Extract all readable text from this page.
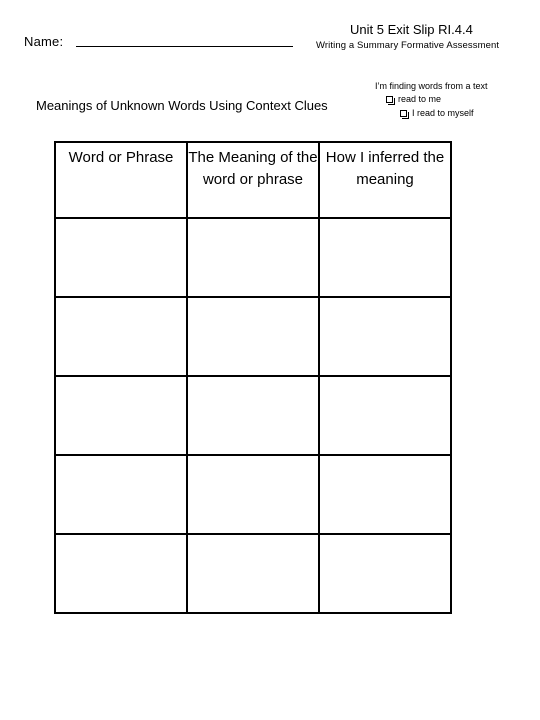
Name:
Unit 5 Exit Slip RI.4.4
Writing a Summary Formative Assessment
I’m finding words from a text
read to me
I read to myself
Meanings of Unknown Words Using Context Clues
Word or Phrase	The Meaning of the word or phrase	How I inferred the meaning
